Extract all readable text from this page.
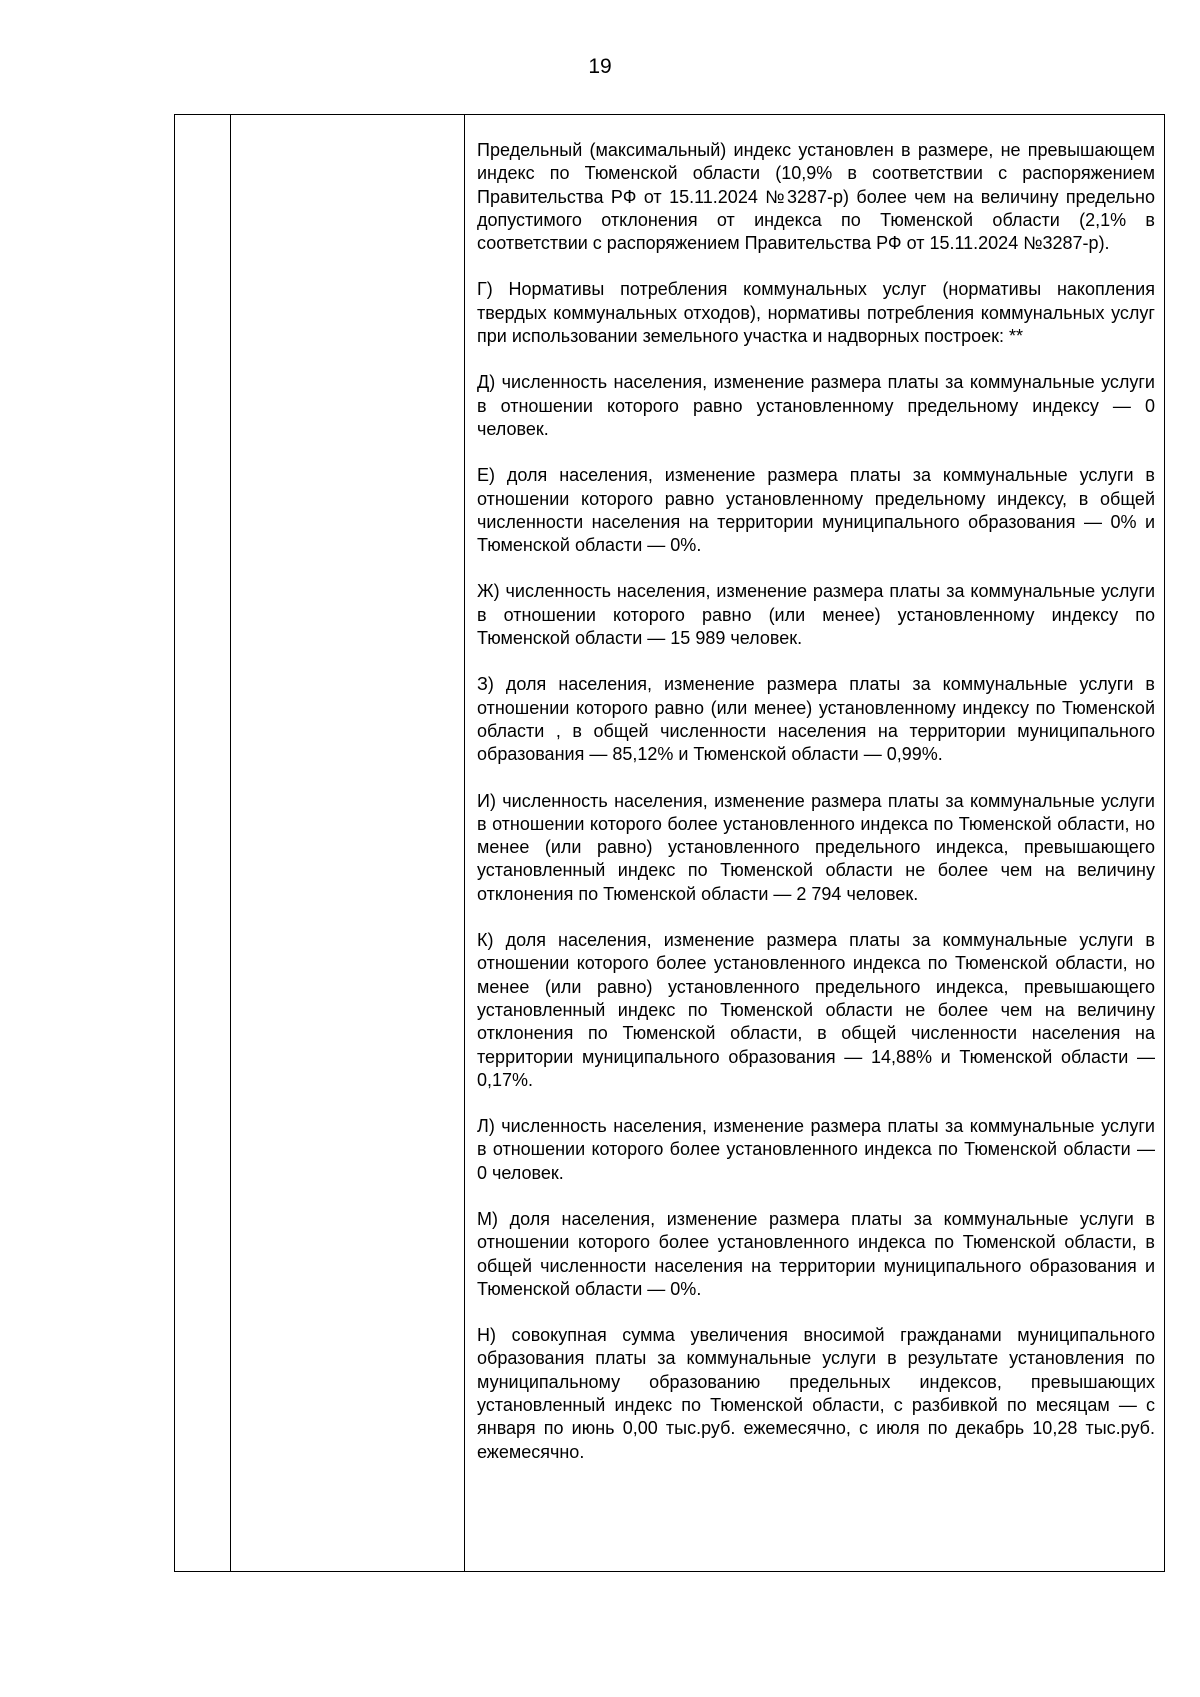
19

Предельный (максимальный) индекс установлен в размере, не превышающем индекс по Тюменской области (10,9% в соответствии с распоряжением Правительства РФ от 15.11.2024 №3287-р) более чем на величину предельно допустимого отклонения от индекса по Тюменской области (2,1% в соответствии с распоряжением Правительства РФ от 15.11.2024 №3287-р).

Г) Нормативы потребления коммунальных услуг (нормативы накопления твердых коммунальных отходов), нормативы потребления коммунальных услуг при использовании земельного участка и надворных построек: **

Д) численность населения, изменение размера платы за коммунальные услуги в отношении которого равно установленному предельному индексу — 0 человек.

Е) доля населения, изменение размера платы за коммунальные услуги в отношении которого равно установленному предельному индексу, в общей численности населения на территории муниципального образования — 0% и Тюменской области — 0%.

Ж) численность населения, изменение размера платы за коммунальные услуги в отношении которого равно (или менее) установленному индексу по Тюменской области — 15 989 человек.

З) доля населения, изменение размера платы за коммунальные услуги в отношении которого равно (или менее) установленному индексу по Тюменской области , в общей численности населения на территории муниципального образования — 85,12% и Тюменской области — 0,99%.

И) численность населения, изменение размера платы за коммунальные услуги в отношении которого более установленного индекса по Тюменской области, но менее (или равно) установленного предельного индекса, превышающего установленный индекс по Тюменской области не более чем на величину отклонения по Тюменской области — 2 794 человек.

К) доля населения, изменение размера платы за коммунальные услуги в отношении которого более установленного индекса по Тюменской области, но менее (или равно) установленного предельного индекса, превышающего установленный индекс по Тюменской области не более чем на величину отклонения по Тюменской области, в общей численности населения на территории муниципального образования — 14,88% и Тюменской области — 0,17%.

Л) численность населения, изменение размера платы за коммунальные услуги в отношении которого более установленного индекса по Тюменской области — 0 человек.

М) доля населения, изменение размера платы за коммунальные услуги в отношении которого более установленного индекса по Тюменской области, в общей численности населения на территории муниципального образования и Тюменской области — 0%.

Н) совокупная сумма увеличения вносимой гражданами муниципального образования платы за коммунальные услуги в результате установления по муниципальному образованию предельных индексов, превышающих установленный индекс по Тюменской области, с разбивкой по месяцам — с января по июнь 0,00 тыс.руб. ежемесячно, с июля по декабрь 10,28 тыс.руб. ежемесячно.
